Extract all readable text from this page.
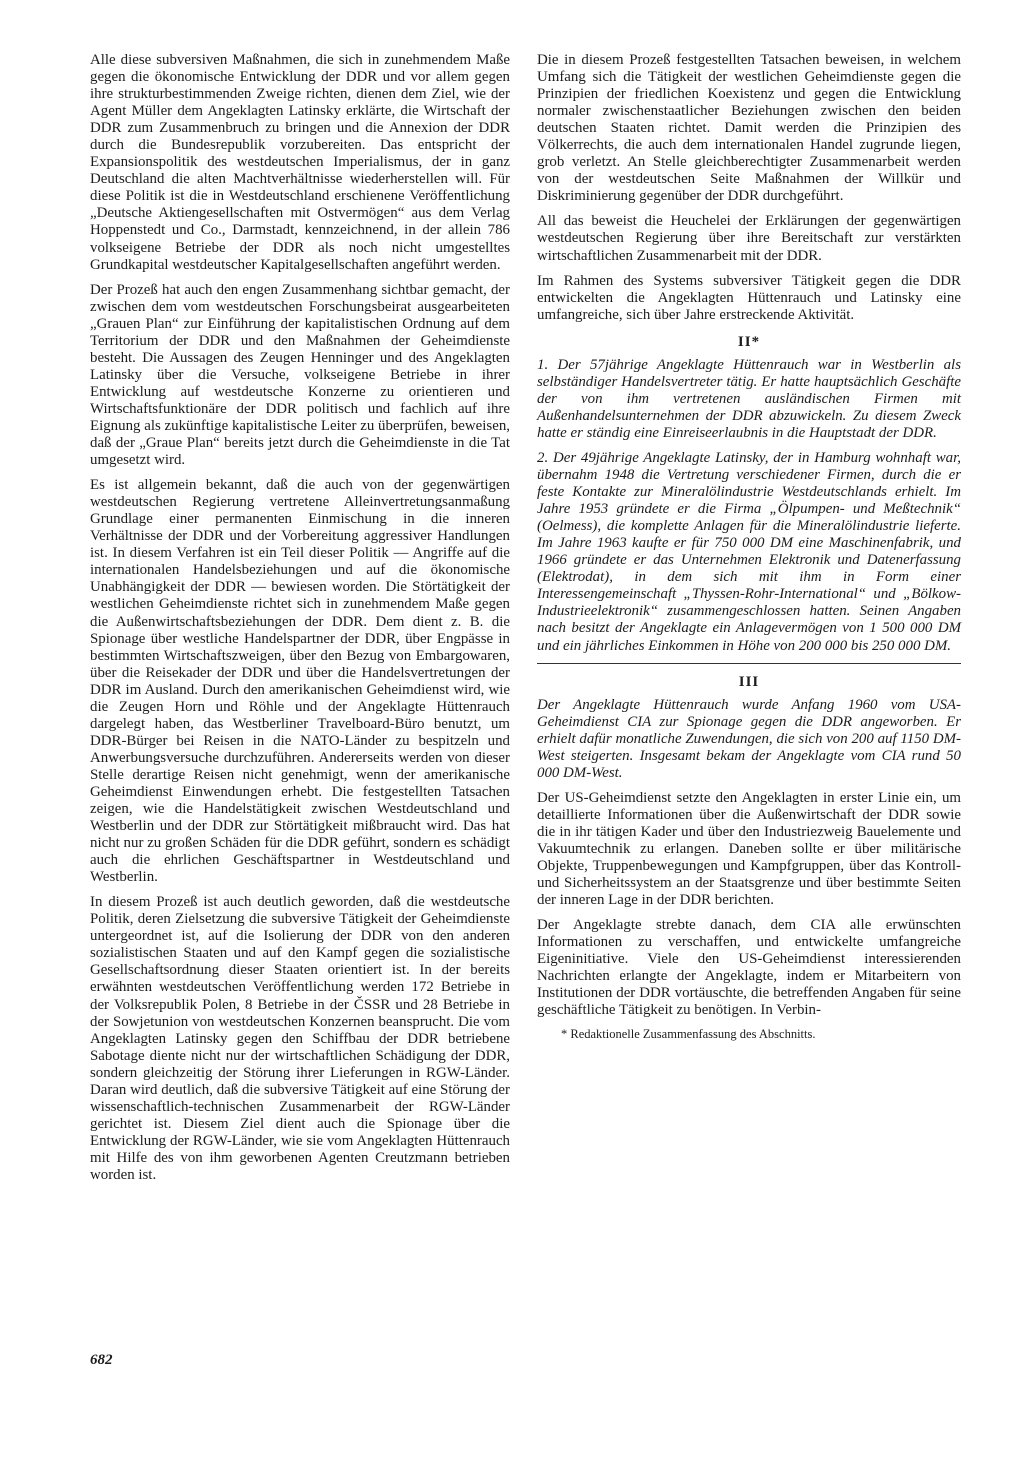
Alle diese subversiven Maßnahmen, die sich in zunehmendem Maße gegen die ökonomische Entwicklung der DDR und vor allem gegen ihre strukturbestimmenden Zweige richten, dienen dem Ziel, wie der Agent Müller dem Angeklagten Latinsky erklärte, die Wirtschaft der DDR zum Zusammenbruch zu bringen und die Annexion der DDR durch die Bundesrepublik vorzubereiten. Das entspricht der Expansionspolitik des westdeutschen Imperialismus, der in ganz Deutschland die alten Machtverhältnisse wiederherstellen will. Für diese Politik ist die in Westdeutschland erschienene Veröffentlichung „Deutsche Aktiengesellschaften mit Ostvermögen“ aus dem Verlag Hoppenstedt und Co., Darmstadt, kennzeichnend, in der allein 786 volkseigene Betriebe der DDR als noch nicht umgestelltes Grundkapital westdeutscher Kapitalgesellschaften angeführt werden.

Der Prozeß hat auch den engen Zusammenhang sichtbar gemacht, der zwischen dem vom westdeutschen Forschungsbeirat ausgearbeiteten „Grauen Plan“ zur Einführung der kapitalistischen Ordnung auf dem Territorium der DDR und den Maßnahmen der Geheimdienste besteht. Die Aussagen des Zeugen Henninger und des Angeklagten Latinsky über die Versuche, volkseigene Betriebe in ihrer Entwicklung auf westdeutsche Konzerne zu orientieren und Wirtschaftsfunktionäre der DDR politisch und fachlich auf ihre Eignung als zukünftige kapitalistische Leiter zu überprüfen, beweisen, daß der „Graue Plan“ bereits jetzt durch die Geheimdienste in die Tat umgesetzt wird.

Es ist allgemein bekannt, daß die auch von der gegenwärtigen westdeutschen Regierung vertretene Alleinvertretungsanmaßung Grundlage einer permanenten Einmischung in die inneren Verhältnisse der DDR und der Vorbereitung aggressiver Handlungen ist. In diesem Verfahren ist ein Teil dieser Politik — Angriffe auf die internationalen Handelsbeziehungen und auf die ökonomische Unabhängigkeit der DDR — bewiesen worden. Die Störtätigkeit der westlichen Geheimdienste richtet sich in zunehmendem Maße gegen die Außenwirtschaftsbeziehungen der DDR. Dem dient z. B. die Spionage über westliche Handelspartner der DDR, über Engpässe in bestimmten Wirtschaftszweigen, über den Bezug von Embargowaren, über die Reisekader der DDR und über die Handelsvertretungen der DDR im Ausland. Durch den amerikanischen Geheimdienst wird, wie die Zeugen Horn und Röhle und der Angeklagte Hüttenrauch dargelegt haben, das Westberliner Travelboard-Büro benutzt, um DDR-Bürger bei Reisen in die NATO-Länder zu bespitzeln und Anwerbungsversuche durchzuführen. Andererseits werden von dieser Stelle derartige Reisen nicht genehmigt, wenn der amerikanische Geheimdienst Einwendungen erhebt. Die festgestellten Tatsachen zeigen, wie die Handelstätigkeit zwischen Westdeutschland und Westberlin und der DDR zur Störtätigkeit mißbraucht wird. Das hat nicht nur zu großen Schäden für die DDR geführt, sondern es schädigt auch die ehrlichen Geschäftspartner in Westdeutschland und Westberlin.

In diesem Prozeß ist auch deutlich geworden, daß die westdeutsche Politik, deren Zielsetzung die subversive Tätigkeit der Geheimdienste untergeordnet ist, auf die Isolierung der DDR von den anderen sozialistischen Staaten und auf den Kampf gegen die sozialistische Gesellschaftsordnung dieser Staaten orientiert ist. In der bereits erwähnten westdeutschen Veröffentlichung werden 172 Betriebe in der Volksrepublik Polen, 8 Betriebe in der ČSSR und 28 Betriebe in der Sowjetunion von westdeutschen Konzernen beansprucht. Die vom Angeklagten Latinsky gegen den Schiffbau der DDR betriebene Sabotage diente nicht nur der wirtschaftlichen Schädigung der DDR, sondern gleichzeitig der Störung ihrer Lieferungen in RGW-Länder. Daran wird deutlich, daß die subversive Tätigkeit auf eine Störung der wissenschaftlich-technischen Zusammenarbeit der RGW-Länder gerichtet ist. Diesem Ziel dient auch die Spionage über die Entwicklung der RGW-Länder, wie sie vom Angeklagten Hüttenrauch mit Hilfe des von ihm geworbenen Agenten Creutzmann betrieben worden ist.

Die in diesem Prozeß festgestellten Tatsachen beweisen, in welchem Umfang sich die Tätigkeit der westlichen Geheimdienste gegen die Prinzipien der friedlichen Koexistenz und gegen die Entwicklung normaler zwischenstaatlicher Beziehungen zwischen den beiden deutschen Staaten richtet. Damit werden die Prinzipien des Völkerrechts, die auch dem internationalen Handel zugrunde liegen, grob verletzt. An Stelle gleichberechtigter Zusammenarbeit werden von der westdeutschen Seite Maßnahmen der Willkür und Diskriminierung gegenüber der DDR durchgeführt.

All das beweist die Heuchelei der Erklärungen der gegenwärtigen westdeutschen Regierung über ihre Bereitschaft zur verstärkten wirtschaftlichen Zusammenarbeit mit der DDR.

Im Rahmen des Systems subversiver Tätigkeit gegen die DDR entwickelten die Angeklagten Hüttenrauch und Latinsky eine umfangreiche, sich über Jahre erstreckende Aktivität.

II*

1. Der 57jährige Angeklagte Hüttenrauch war in Westberlin als selbständiger Handelsvertreter tätig. Er hatte hauptsächlich Geschäfte der von ihm vertretenen ausländischen Firmen mit Außenhandelsunternehmen der DDR abzuwickeln. Zu diesem Zweck hatte er ständig eine Einreiseerlaubnis in die Hauptstadt der DDR.

2. Der 49jährige Angeklagte Latinsky, der in Hamburg wohnhaft war, übernahm 1948 die Vertretung verschiedener Firmen, durch die er feste Kontakte zur Mineralölindustrie Westdeutschlands erhielt. Im Jahre 1953 gründete er die Firma „Ölpumpen- und Meßtechnik“ (Oelmess), die komplette Anlagen für die Mineralölindustrie lieferte. Im Jahre 1963 kaufte er für 750 000 DM eine Maschinenfabrik, und 1966 gründete er das Unternehmen Elektronik und Datenerfassung (Elektrodat), in dem sich mit ihm in Form einer Interessengemeinschaft „Thyssen-Rohr-International“ und „Bölkow-Industrieelektronik“ zusammengeschlossen hatten. Seinen Angaben nach besitzt der Angeklagte ein Anlagevermögen von 1 500 000 DM und ein jährliches Einkommen in Höhe von 200 000 bis 250 000 DM.

III

Der Angeklagte Hüttenrauch wurde Anfang 1960 vom USA-Geheimdienst CIA zur Spionage gegen die DDR angeworben. Er erhielt dafür monatliche Zuwendungen, die sich von 200 auf 1150 DM-West steigerten. Insgesamt bekam der Angeklagte vom CIA rund 50 000 DM-West.

Der US-Geheimdienst setzte den Angeklagten in erster Linie ein, um detaillierte Informationen über die Außenwirtschaft der DDR sowie die in ihr tätigen Kader und über den Industriezweig Bauelemente und Vakuumtechnik zu erlangen. Daneben sollte er über militärische Objekte, Truppenbewegungen und Kampfgruppen, über das Kontroll- und Sicherheitssystem an der Staatsgrenze und über bestimmte Seiten der inneren Lage in der DDR berichten.

Der Angeklagte strebte danach, dem CIA alle erwünschten Informationen zu verschaffen, und entwickelte umfangreiche Eigeninitiative. Viele den US-Geheimdienst interessierenden Nachrichten erlangte der Angeklagte, indem er Mitarbeitern von Institutionen der DDR vortäuschte, die betreffenden Angaben für seine geschäftliche Tätigkeit zu benötigen. In Verbin-

* Redaktionelle Zusammenfassung des Abschnitts.
682
